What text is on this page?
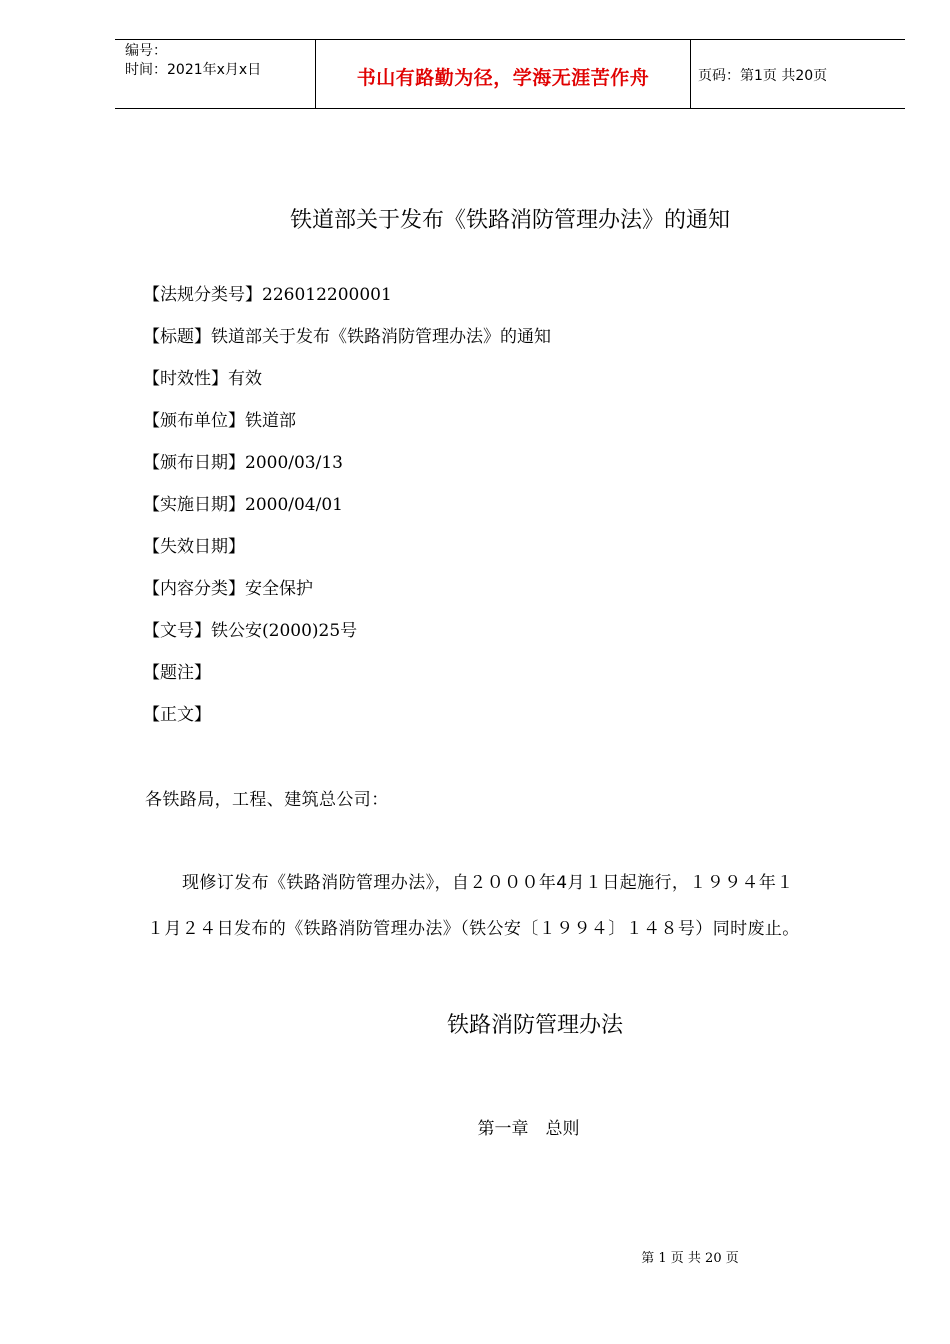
编号：
时间：2021年x月x日	书山有路勤为径，学海无涯苦作舟	页码：第1页 共20页
铁道部关于发布《铁路消防管理办法》的通知
【法规分类号】226012200001
【标题】铁道部关于发布《铁路消防管理办法》的通知
【时效性】有效
【颁布单位】铁道部
【颁布日期】2000/03/13
【实施日期】2000/04/01
【失效日期】
【内容分类】安全保护
【文号】铁公安(2000)25号
【题注】
【正文】
各铁路局，工程、建筑总公司：
现修订发布《铁路消防管理办法》，自２０００年4月１日起施行，１９９４年１
１月２４日发布的《铁路消防管理办法》（铁公安〔１９９４〕１４８号）同时废止。
铁路消防管理办法
第一章　总则
第 1 页 共 20 页
